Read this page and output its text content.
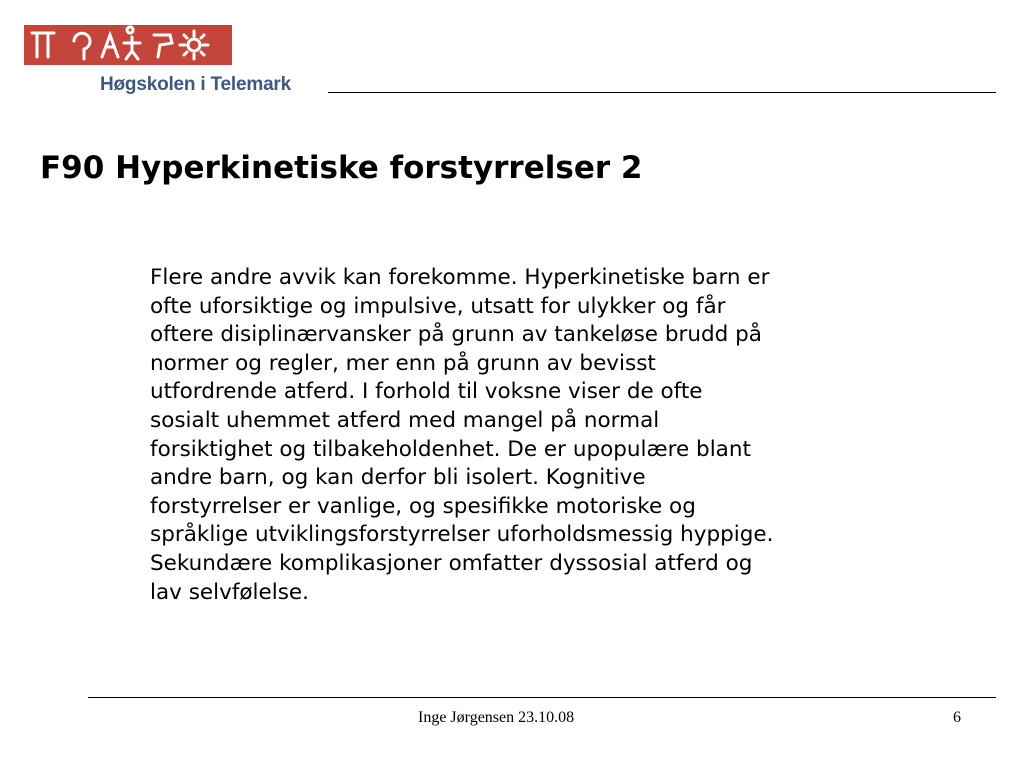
Høgskolen i Telemark
F90 Hyperkinetiske forstyrrelser 2
Flere andre avvik kan forekomme. Hyperkinetiske barn er
ofte uforsiktige og impulsive, utsatt for ulykker og får
oftere disiplinærvansker på grunn av tankeløse brudd på
normer og regler, mer enn på grunn av bevisst
utfordrende atferd. I forhold til voksne viser de ofte
sosialt uhemmet atferd med mangel på normal
forsiktighet og tilbakeholdenhet. De er upopulære blant
andre barn, og kan derfor bli isolert. Kognitive
forstyrrelser er vanlige, og spesifikke motoriske og
språklige utviklingsforstyrrelser uforholdsmessig hyppige.
Sekundære komplikasjoner omfatter dyssosial atferd og
lav selvfølelse.
Inge Jørgensen 23.10.08	6
